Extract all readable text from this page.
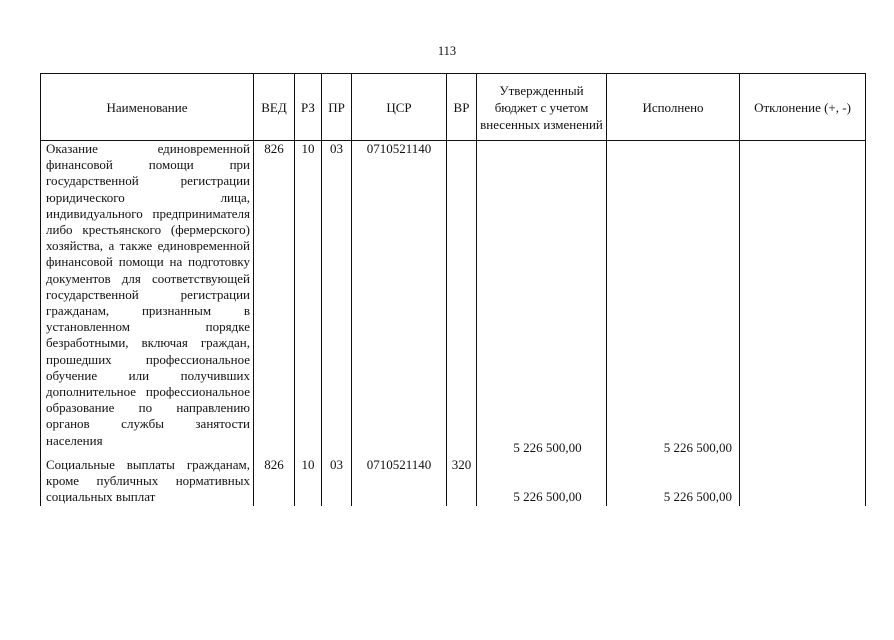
113
Наименование	ВЕД	РЗ	ПР	ЦСР	ВР	Утвержденный бюджет с учетом внесенных изменений	Исполнено	Отклонение (+, -)
Оказание единовременной финансовой помощи при государственной регистрации юридического лица, индивидуального предпринимателя либо крестьянского (фермерского) хозяйства, а также единовременной финансовой помощи на подготовку документов для соответствующей государственной регистрации гражданам, признанным в установленном порядке безработными, включая граждан, прошедших профессиональное обучение или получивших дополнительное профессиональное образование по направлению органов службы занятости населения	826	10	03	0710521140		5 226 500,00	5 226 500,00	

Социальные выплаты гражданам, кроме публичных нормативных социальных выплат	826	10	03	0710521140	320	5 226 500,00	5 226 500,00	
